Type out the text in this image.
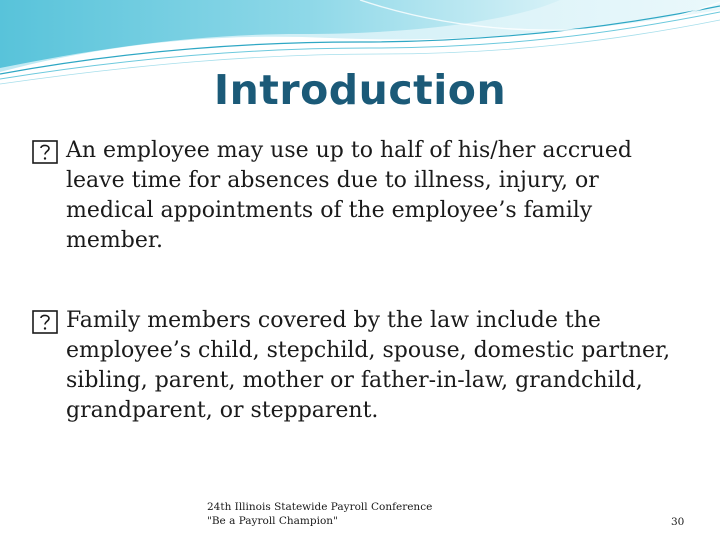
Introduction
An employee may use up to half of his/her accrued leave time for absences due to illness, injury, or medical appointments of the employee’s family member.
Family members covered by the law include the employee’s child, stepchild, spouse, domestic partner, sibling, parent, mother or father-in-law, grandchild, grandparent, or stepparent.
24th Illinois Statewide Payroll Conference
"Be a Payroll Champion"	30
